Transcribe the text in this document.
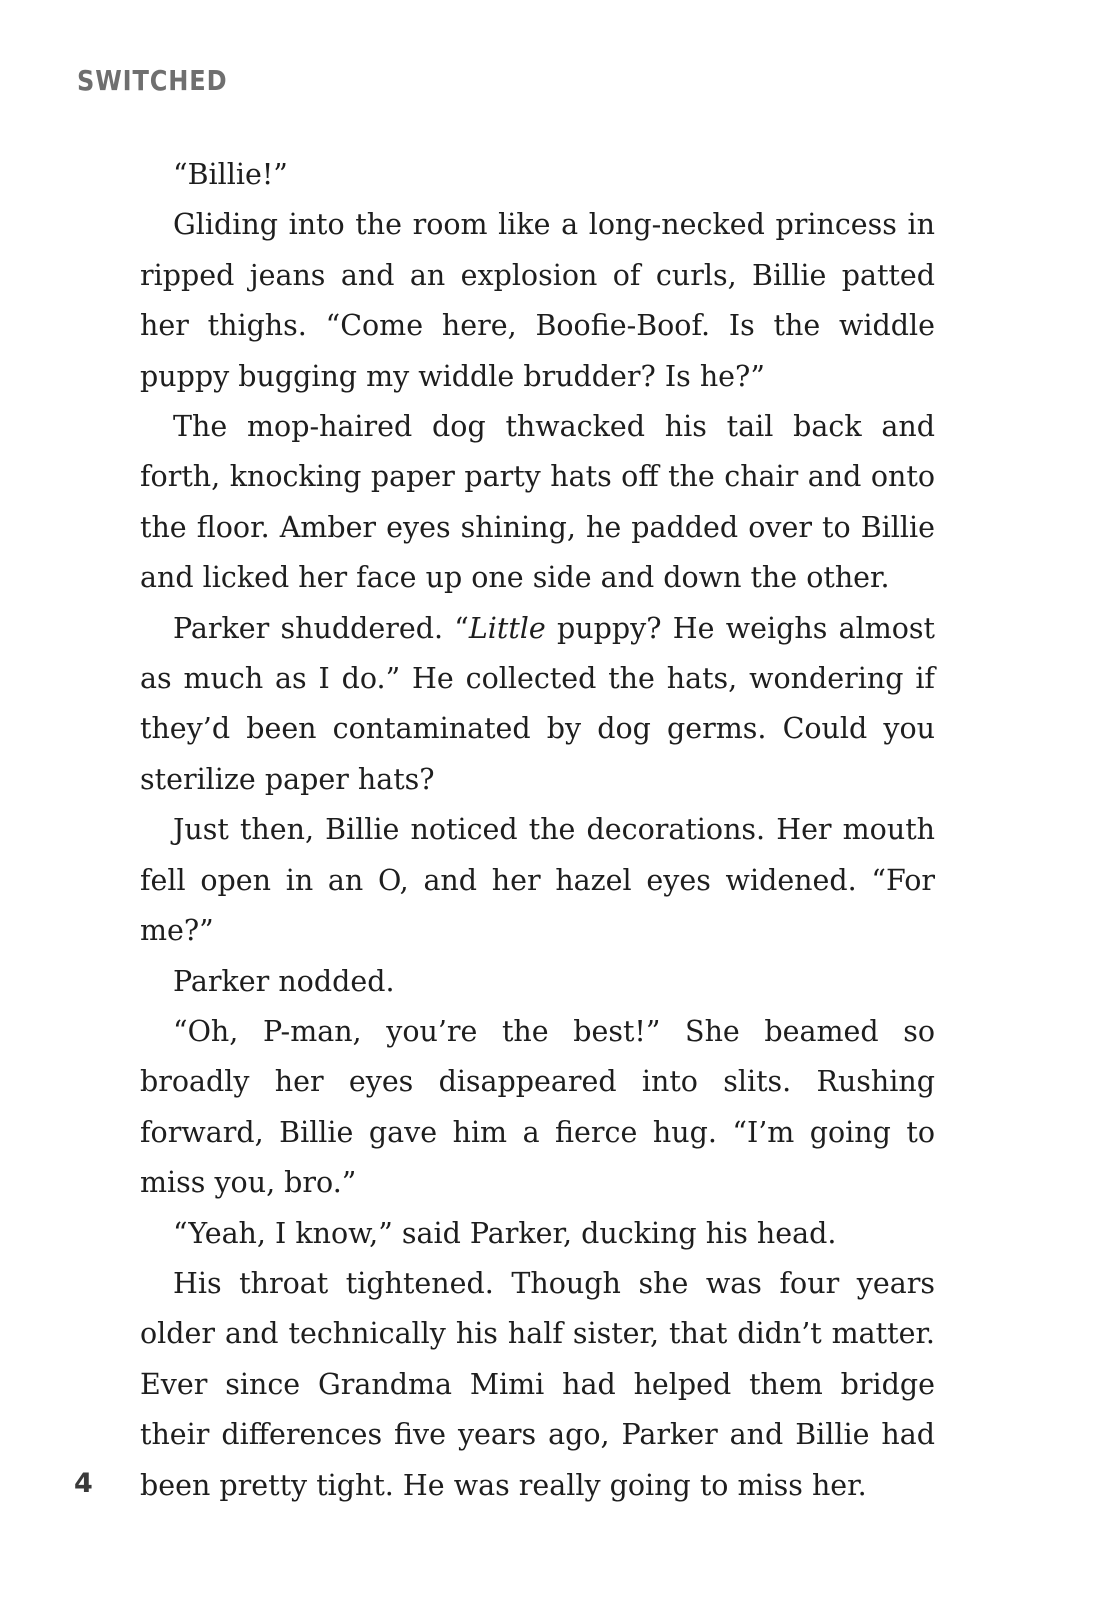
SWITCHED

“Billie!”

Gliding into the room like a long-necked princess in ripped jeans and an explosion of curls, Billie patted her thighs. “Come here, Boofie-Boof. Is the widdle puppy bugging my widdle brudder? Is he?”

The mop-haired dog thwacked his tail back and forth, knocking paper party hats off the chair and onto the floor. Amber eyes shining, he padded over to Billie and licked her face up one side and down the other.

Parker shuddered. “Little puppy? He weighs almost as much as I do.” He collected the hats, wondering if they’d been contaminated by dog germs. Could you sterilize paper hats?

Just then, Billie noticed the decorations. Her mouth fell open in an O, and her hazel eyes widened. “For me?”

Parker nodded.

“Oh, P-man, you’re the best!” She beamed so broadly her eyes disappeared into slits. Rushing forward, Billie gave him a fierce hug. “I’m going to miss you, bro.”

“Yeah, I know,” said Parker, ducking his head.

His throat tightened. Though she was four years older and technically his half sister, that didn’t matter. Ever since Grandma Mimi had helped them bridge their differences five years ago, Parker and Billie had been pretty tight. He was really going to miss her.

4
